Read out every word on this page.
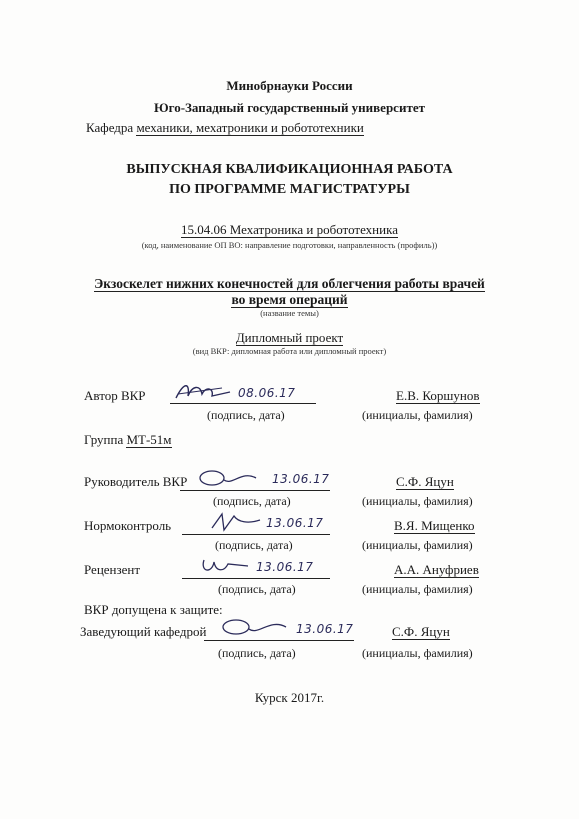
Минобрнауки России
Юго-Западный государственный университет
Кафедра механики, мехатроники и робототехники
ВЫПУСКНАЯ КВАЛИФИКАЦИОННАЯ РАБОТА
ПО ПРОГРАММЕ МАГИСТРАТУРЫ
15.04.06 Мехатроника и робототехника
(код, наименование ОП ВО: направление подготовки, направленность (профиль))
Экзоскелет нижних конечностей для облегчения работы врачей
во время операций
(название темы)
Дипломный проект
(вид ВКР: дипломная работа или дипломный проект)
Автор ВКР	08.06.17	Е.В. Коршунов
(подпись, дата)	(инициалы, фамилия)
Группа МТ-51м
Руководитель ВКР	13.06.17	С.Ф. Яцун
(подпись, дата)	(инициалы, фамилия)
Нормоконтроль	13.06.17	В.Я. Мищенко
(подпись, дата)	(инициалы, фамилия)
Рецензент	13.06.17	А.А. Ануфриев
(подпись, дата)	(инициалы, фамилия)
ВКР допущена к защите:
Заведующий кафедрой	13.06.17	С.Ф. Яцун
(подпись, дата)	(инициалы, фамилия)
Курск 2017г.
